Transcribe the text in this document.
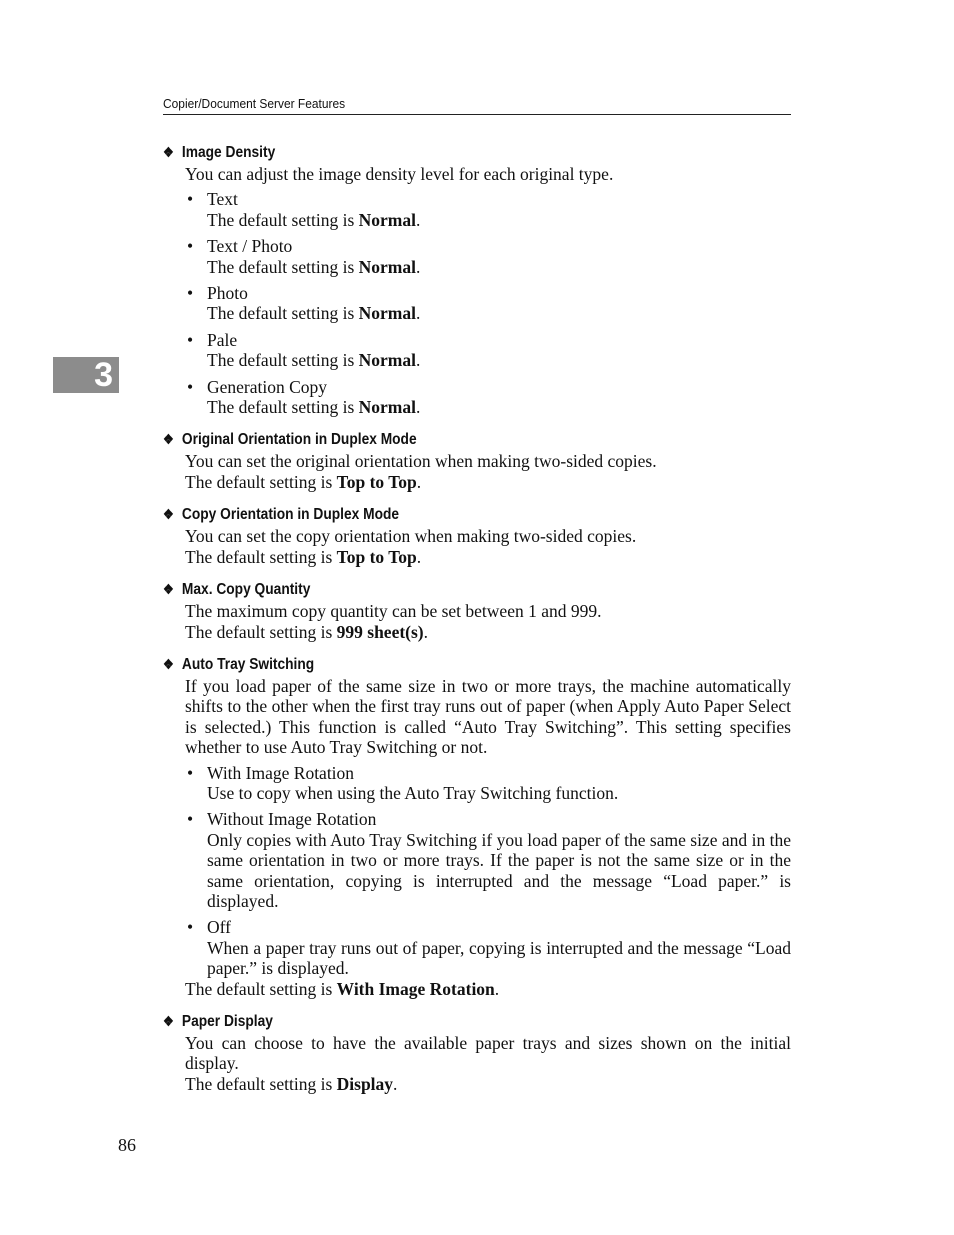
Copier/Document Server Features
3
❖ Image Density
You can adjust the image density level for each original type.
• Text
The default setting is Normal.
• Text / Photo
The default setting is Normal.
• Photo
The default setting is Normal.
• Pale
The default setting is Normal.
• Generation Copy
The default setting is Normal.
❖ Original Orientation in Duplex Mode
You can set the original orientation when making two-sided copies.
The default setting is Top to Top.
❖ Copy Orientation in Duplex Mode
You can set the copy orientation when making two-sided copies.
The default setting is Top to Top.
❖ Max. Copy Quantity
The maximum copy quantity can be set between 1 and 999.
The default setting is 999 sheet(s).
❖ Auto Tray Switching
If you load paper of the same size in two or more trays, the machine automatically shifts to the other when the first tray runs out of paper (when Apply Auto Paper Select is selected.) This function is called “Auto Tray Switching”. This setting specifies whether to use Auto Tray Switching or not.
• With Image Rotation
Use to copy when using the Auto Tray Switching function.
• Without Image Rotation
Only copies with Auto Tray Switching if you load paper of the same size and in the same orientation in two or more trays. If the paper is not the same size or in the same orientation, copying is interrupted and the message “Load paper.” is displayed.
• Off
When a paper tray runs out of paper, copying is interrupted and the message “Load paper.” is displayed.
The default setting is With Image Rotation.
❖ Paper Display
You can choose to have the available paper trays and sizes shown on the initial display.
The default setting is Display.
86
